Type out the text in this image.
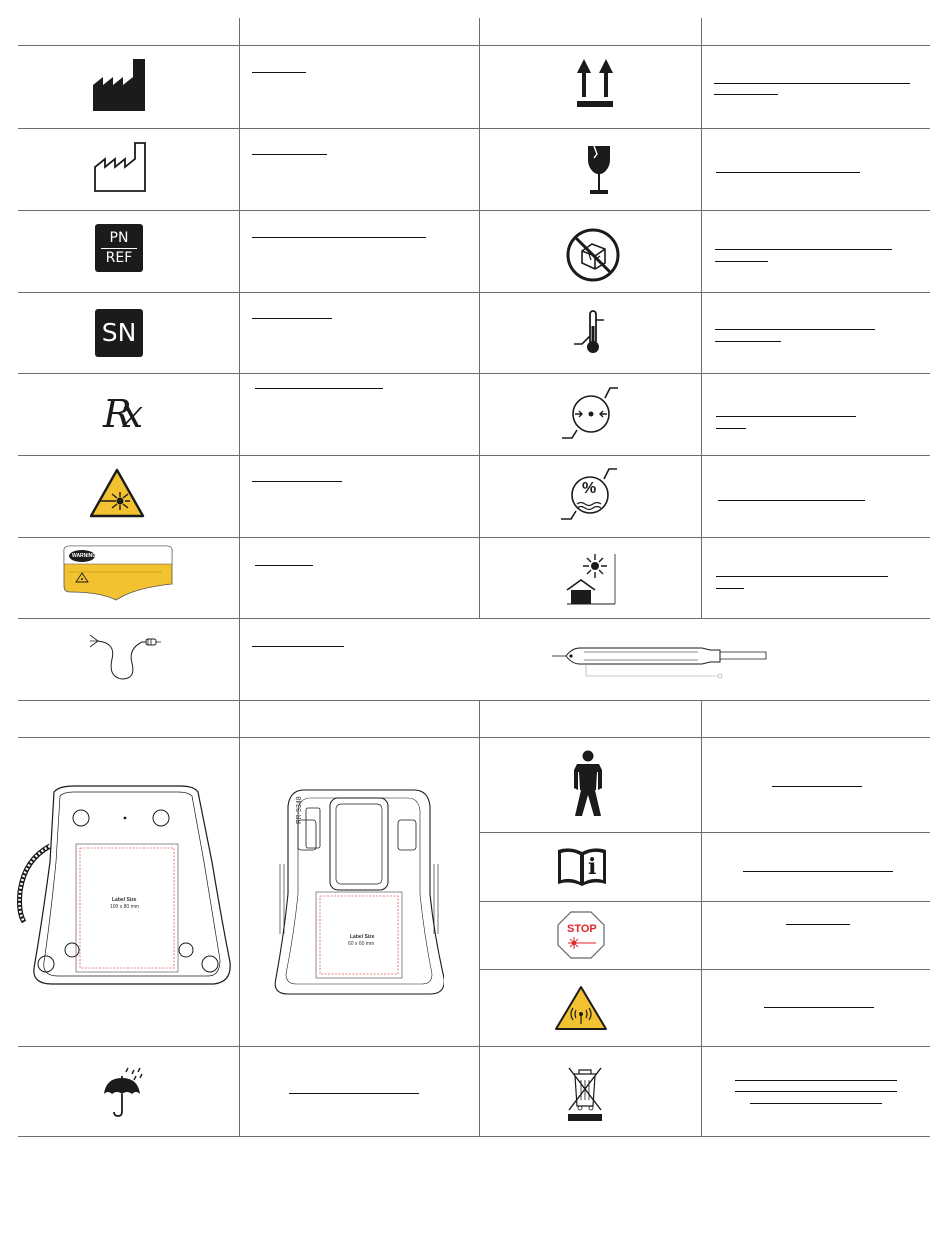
PN
REF
SN
Rx
%
WARNING
Label Size
100 x 80 mm
PR-9348
Label Size
60 x 60 mm
i
STOP
